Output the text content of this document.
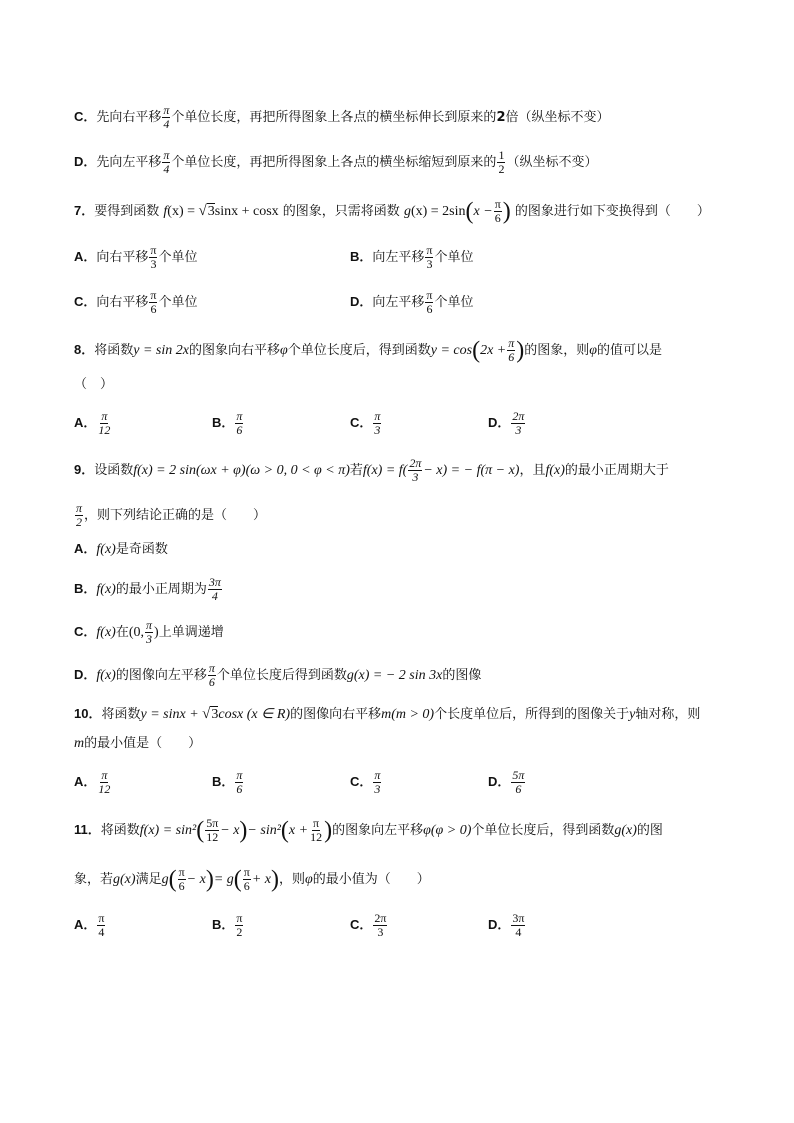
C．先向右平移 $\frac{\pi}{4}$ 个单位长度，再把所得图象上各点的横坐标伸长到原来的2倍（纵坐标不变）
D．先向左平移 $\frac{\pi}{4}$ 个单位长度，再把所得图象上各点的横坐标缩短到原来的 $\frac{1}{2}$ （纵坐标不变）
7．要得到函数 f(x) = √3sinx + cosx 的图象，只需将函数 $g(x) = 2\sin(x - \frac{\pi}{6}$ ) 的图象进行如下变换得到（　　）
A．向右平移 $\frac{\pi}{3}$ 个单位	B．向左平移 $\frac{\pi}{3}$ 个单位
C．向右平移 $\frac{\pi}{6}$ 个单位	D．向左平移 $\frac{\pi}{6}$ 个单位
8．将函数y = sin 2x的图象向右平移φ个单位长度后，得到函数$y = \cos(2x + \frac{\pi}{6}$ )的图象，则φ的值可以是
（　）
A． $\frac{\pi}{12}$	B． $\frac{\pi}{6}$	C． $\frac{\pi}{3}$	D． $\frac{2\pi}{3}$
9．设函数f(x) = 2 sin(ωx + φ)(ω > 0, 0 < φ < π)若$f(x) = f( \frac{2\pi}{3} - x)$ = − f(π − x)，且f(x)的最小正周期大于
$\frac{\pi}{2}$ ，则下列结论正确的是（　　）
A．f(x)是奇函数
B．f(x)的最小正周期为 $\frac{3\pi}{4}$
C．f(x)在(0, $\frac{\pi}{3}$ )上单调递增
D．f(x)的图像向左平移 $\frac{\pi}{6}$ 个单位长度后得到函数g(x) = − 2 sin 3x的图像
10．将函数y = sinx + √3cosx (x ∈ R)的图像向右平移m(m > 0)个长度单位后，所得到的图像关于y轴对称，则
m的最小值是（　　）
A． $\frac{\pi}{12}$	B． $\frac{\pi}{6}$	C． $\frac{\pi}{3}$	D． $\frac{5\pi}{6}$
11．将函数$f(x) = \sin^2( \frac{5\pi}{12} - x)- \sin^2(x + \frac{\pi}{12}$ )的图象向左平移φ(φ > 0)个单位长度后，得到函数g(x)的图
象，若g(x)满足$g( \frac{\pi}{6} - x)= g( \frac{\pi}{6} + x)$，则φ的最小值为（　　）
A． $\frac{\pi}{4}$	B． $\frac{\pi}{2}$	C． $\frac{2\pi}{3}$	D． $\frac{3\pi}{4}$
